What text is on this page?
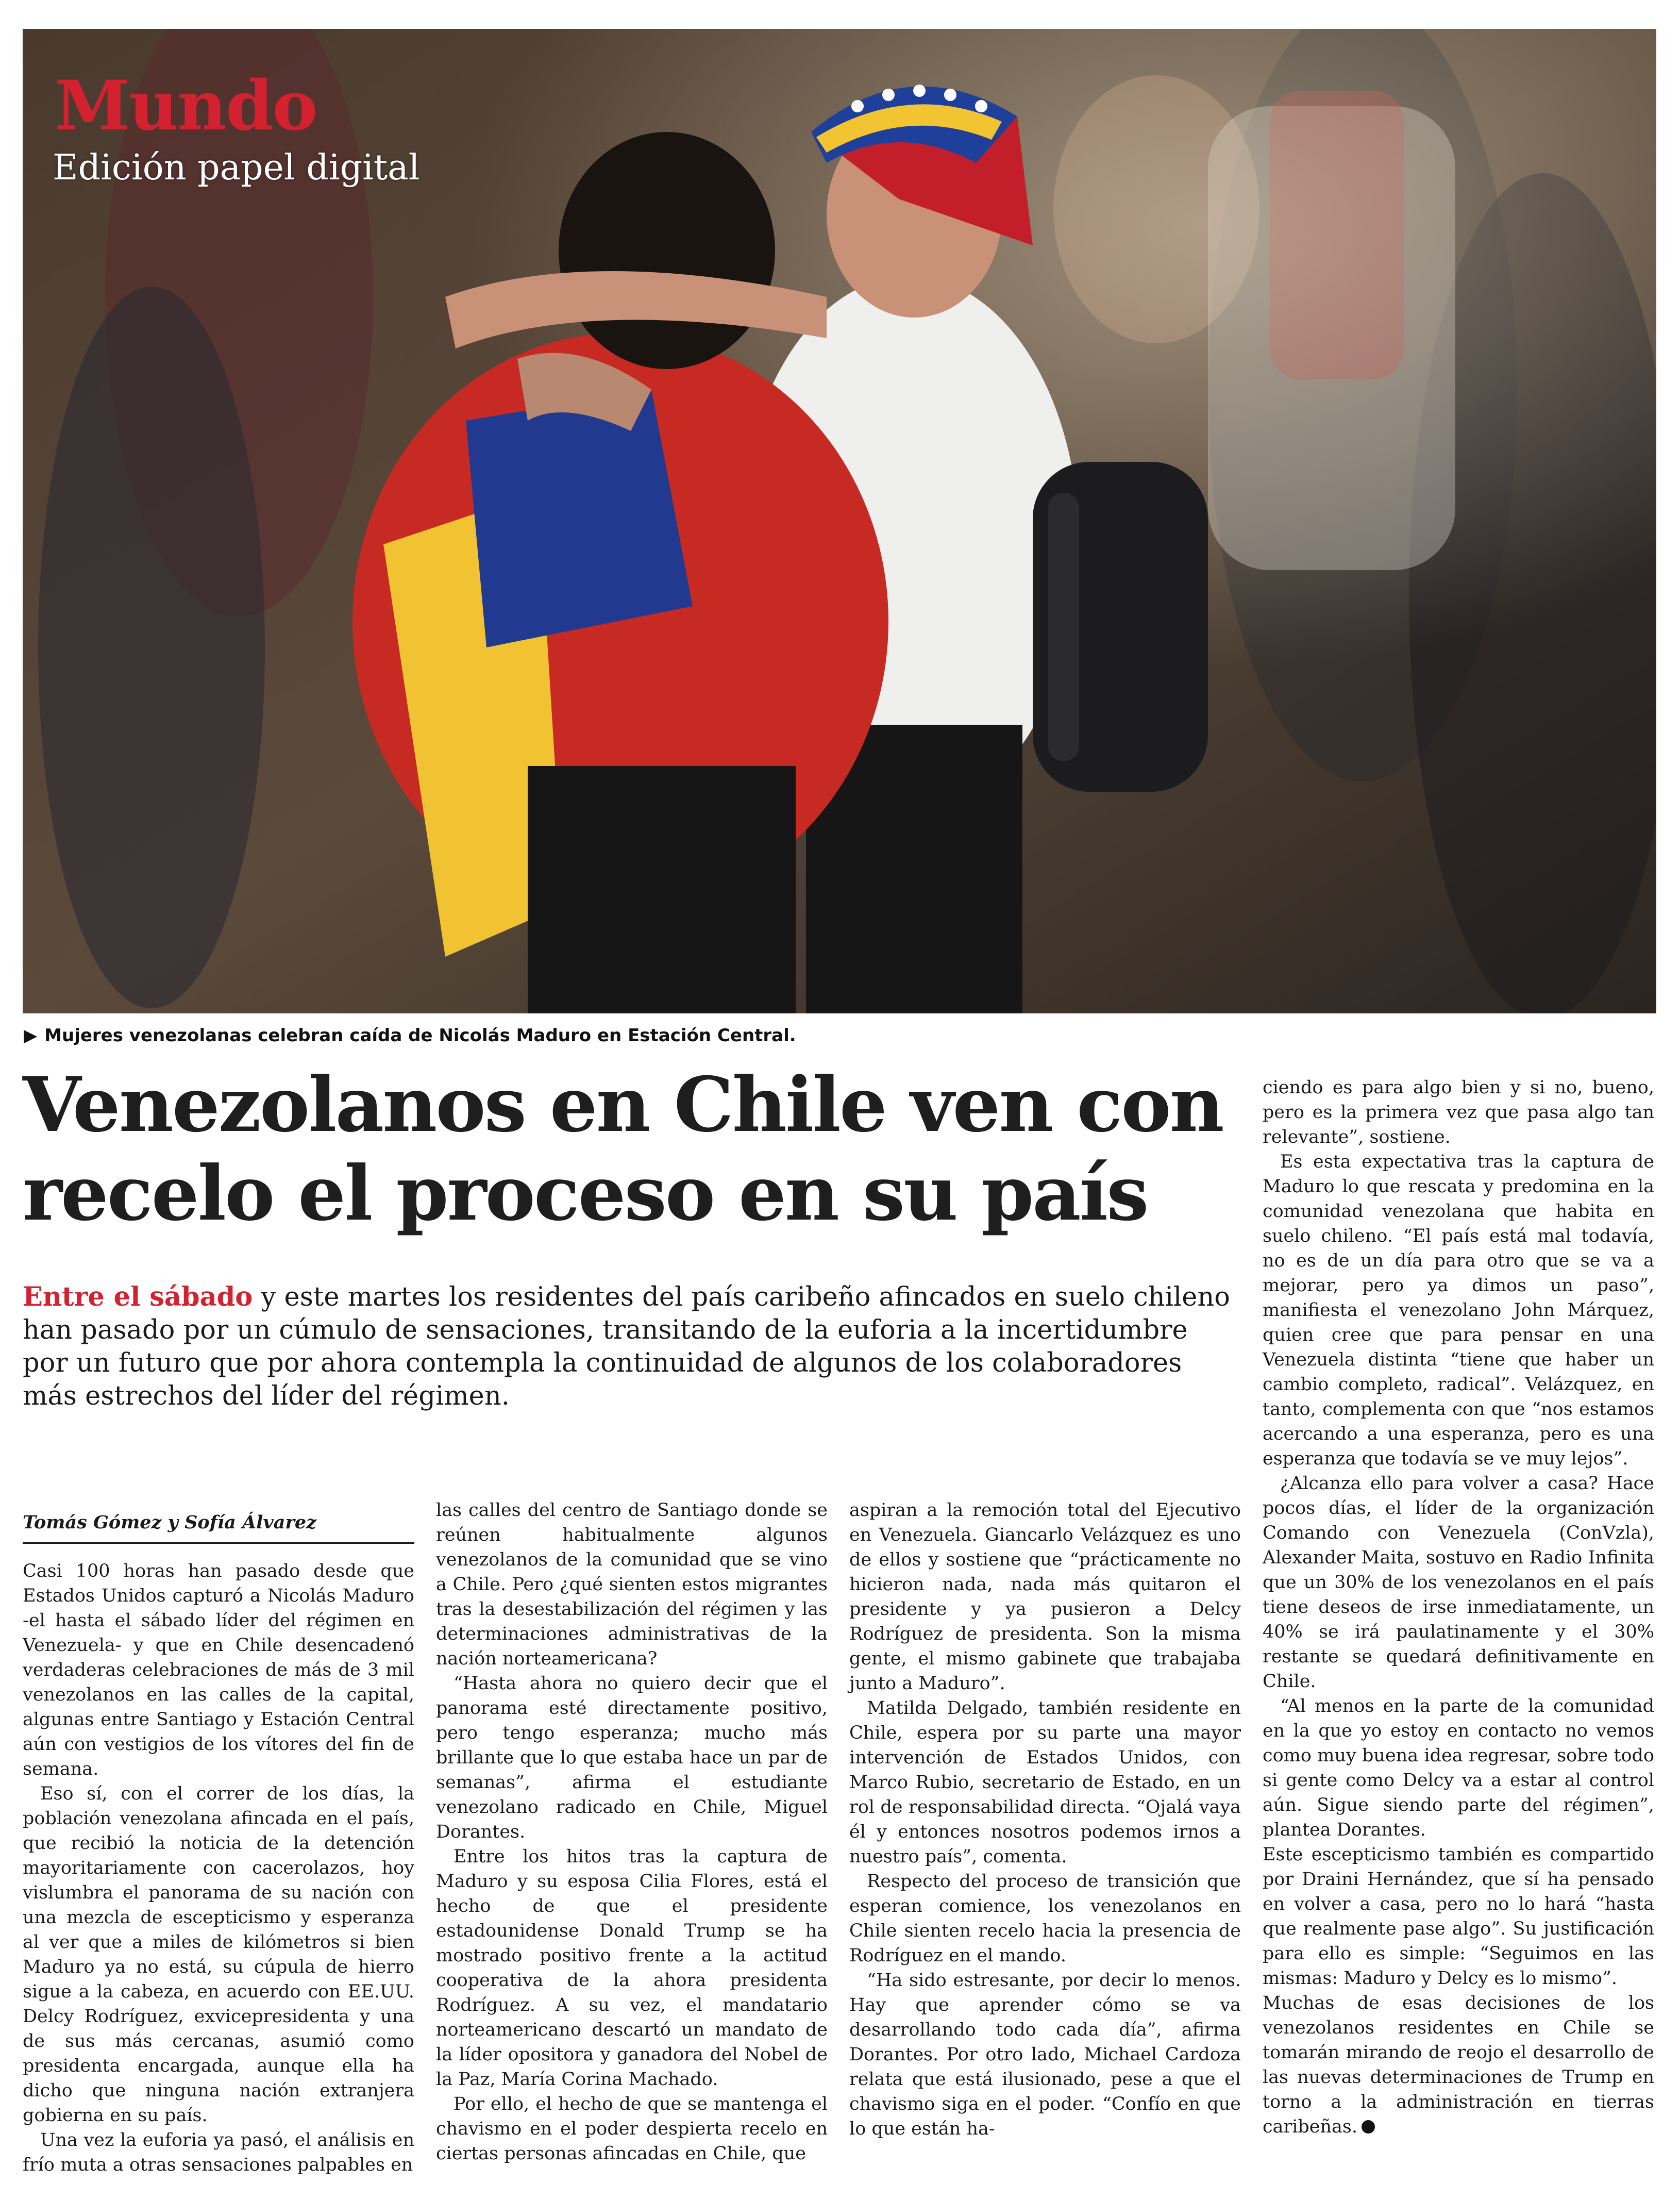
Mundo
Edición papel digital
▶ Mujeres venezolanas celebran caída de Nicolás Maduro en Estación Central.
Venezolanos en Chile ven con recelo el proceso en su país

Entre el sábado y este martes los residentes del país caribeño afincados en suelo chileno han pasado por un cúmulo de sensaciones, transitando de la euforia a la incertidumbre por un futuro que por ahora contempla la continuidad de algunos de los colaboradores más estrechos del líder del régimen.

Tomás Gómez y Sofía Álvarez

Casi 100 horas han pasado desde que Estados Unidos capturó a Nicolás Maduro -el hasta el sábado líder del régimen en Venezuela- y que en Chile desencadenó verdaderas celebraciones de más de 3 mil venezolanos en las calles de la capital, algunas entre Santiago y Estación Central aún con vestigios de los vítores del fin de semana.

Eso sí, con el correr de los días, la población venezolana afincada en el país, que recibió la noticia de la detención mayoritariamente con cacerolazos, hoy vislumbra el panorama de su nación con una mezcla de escepticismo y esperanza al ver que a miles de kilómetros si bien Maduro ya no está, su cúpula de hierro sigue a la cabeza, en acuerdo con EE.UU. Delcy Rodríguez, exvicepresidenta y una de sus más cercanas, asumió como presidenta encargada, aunque ella ha dicho que ninguna nación extranjera gobierna en su país.

Una vez la euforia ya pasó, el análisis en frío muta a otras sensaciones palpables en

las calles del centro de Santiago donde se reúnen habitualmente algunos venezolanos de la comunidad que se vino a Chile. Pero ¿qué sienten estos migrantes tras la desestabilización del régimen y las determinaciones administrativas de la nación norteamericana?

“Hasta ahora no quiero decir que el panorama esté directamente positivo, pero tengo esperanza; mucho más brillante que lo que estaba hace un par de semanas”, afirma el estudiante venezolano radicado en Chile, Miguel Dorantes.

Entre los hitos tras la captura de Maduro y su esposa Cilia Flores, está el hecho de que el presidente estadounidense Donald Trump se ha mostrado positivo frente a la actitud cooperativa de la ahora presidenta Rodríguez. A su vez, el mandatario norteamericano descartó un mandato de la líder opositora y ganadora del Nobel de la Paz, María Corina Machado.

Por ello, el hecho de que se mantenga el chavismo en el poder despierta recelo en ciertas personas afincadas en Chile, que

aspiran a la remoción total del Ejecutivo en Venezuela. Giancarlo Velázquez es uno de ellos y sostiene que “prácticamente no hicieron nada, nada más quitaron el presidente y ya pusieron a Delcy Rodríguez de presidenta. Son la misma gente, el mismo gabinete que trabajaba junto a Maduro”.

Matilda Delgado, también residente en Chile, espera por su parte una mayor intervención de Estados Unidos, con Marco Rubio, secretario de Estado, en un rol de responsabilidad directa. “Ojalá vaya él y entonces nosotros podemos irnos a nuestro país”, comenta.

Respecto del proceso de transición que esperan comience, los venezolanos en Chile sienten recelo hacia la presencia de Rodríguez en el mando.

“Ha sido estresante, por decir lo menos. Hay que aprender cómo se va desarrollando todo cada día”, afirma Dorantes. Por otro lado, Michael Cardoza relata que está ilusionado, pese a que el chavismo siga en el poder. “Confío en que lo que están ha-

ciendo es para algo bien y si no, bueno, pero es la primera vez que pasa algo tan relevante”, sostiene.

Es esta expectativa tras la captura de Maduro lo que rescata y predomina en la comunidad venezolana que habita en suelo chileno. “El país está mal todavía, no es de un día para otro que se va a mejorar, pero ya dimos un paso”, manifiesta el venezolano John Márquez, quien cree que para pensar en una Venezuela distinta “tiene que haber un cambio completo, radical”. Velázquez, en tanto, complementa con que “nos estamos acercando a una esperanza, pero es una esperanza que todavía se ve muy lejos”.

¿Alcanza ello para volver a casa? Hace pocos días, el líder de la organización Comando con Venezuela (ConVzla), Alexander Maita, sostuvo en Radio Infinita que un 30% de los venezolanos en el país tiene deseos de irse inmediatamente, un 40% se irá paulatinamente y el 30% restante se quedará definitivamente en Chile.

“Al menos en la parte de la comunidad en la que yo estoy en contacto no vemos como muy buena idea regresar, sobre todo si gente como Delcy va a estar al control aún. Sigue siendo parte del régimen”, plantea Dorantes.

Este escepticismo también es compartido por Draini Hernández, que sí ha pensado en volver a casa, pero no lo hará “hasta que realmente pase algo”. Su justificación para ello es simple: “Seguimos en las mismas: Maduro y Delcy es lo mismo”.

Muchas de esas decisiones de los venezolanos residentes en Chile se tomarán mirando de reojo el desarrollo de las nuevas determinaciones de Trump en torno a la administración en tierras caribeñas.
